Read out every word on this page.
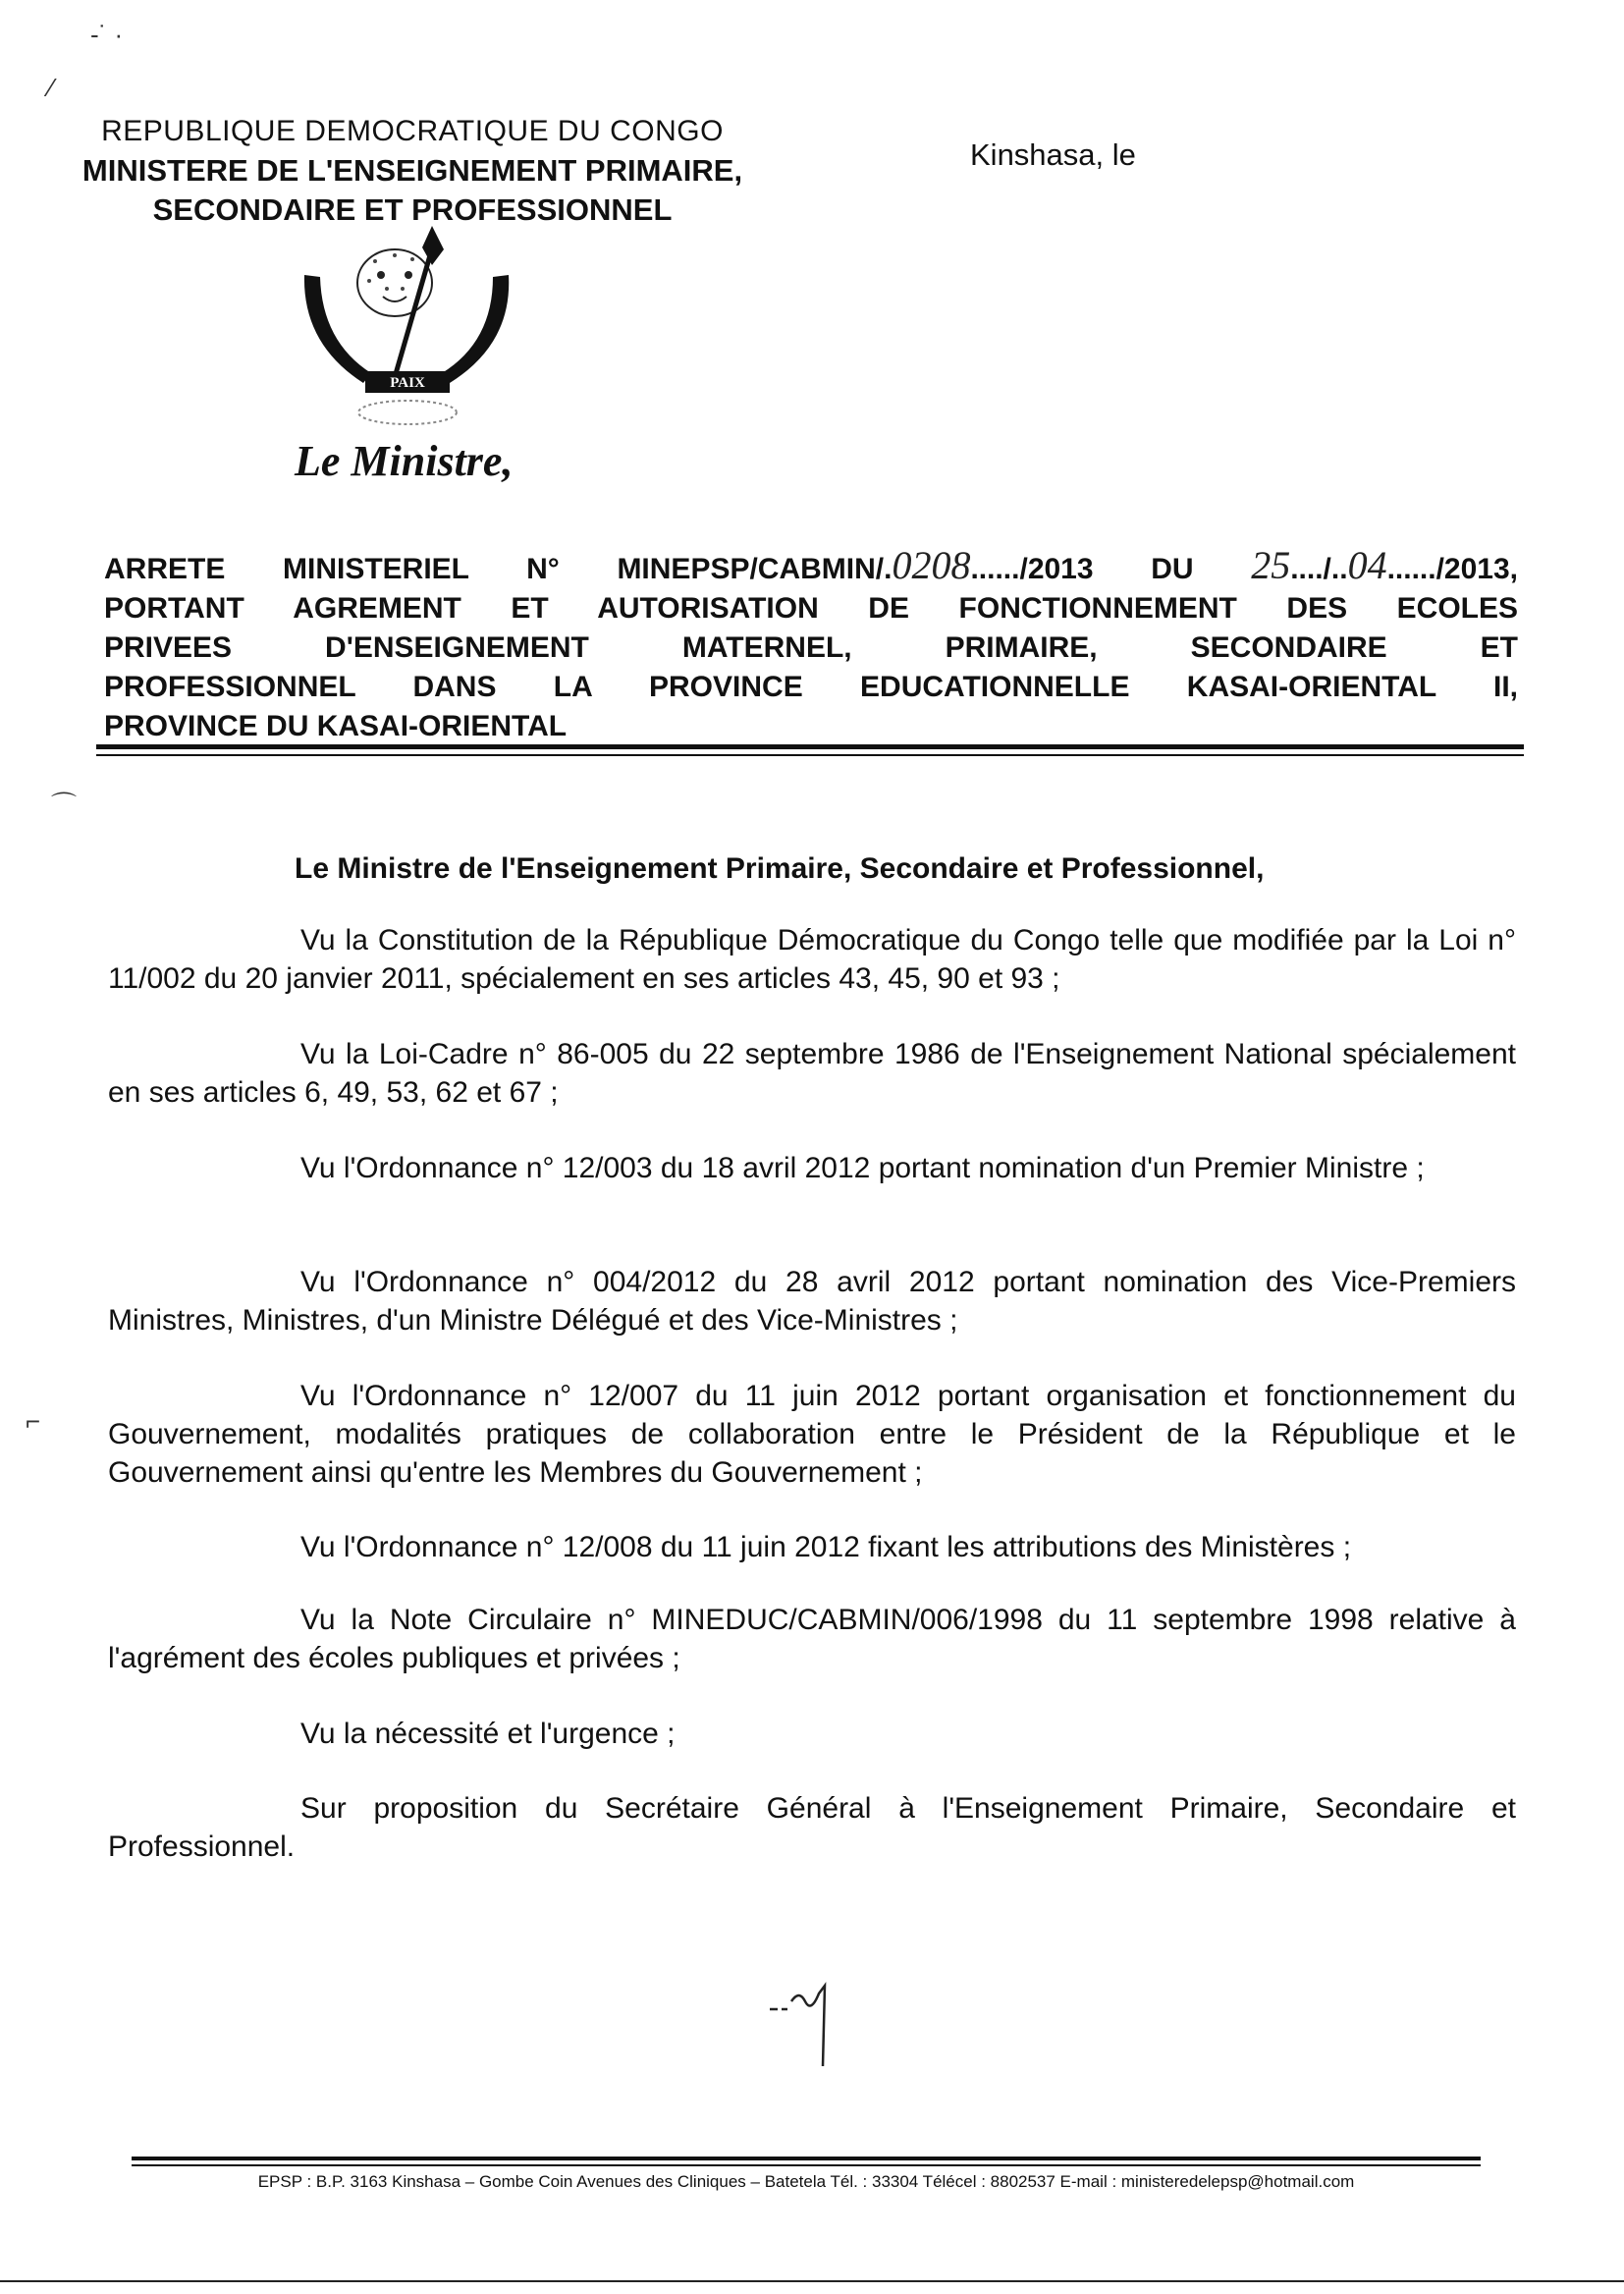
‐˙ ·
⁄
⌒
⌐
REPUBLIQUE DEMOCRATIQUE DU CONGO
MINISTERE DE L'ENSEIGNEMENT PRIMAIRE,
SECONDAIRE ET PROFESSIONNEL
Kinshasa, le
PAIX
Le Ministre,
ARRETE MINISTERIEL N° MINEPSP/CABMIN/.0208....../2013 DU 25..../..04....../2013,
PORTANT AGREMENT ET AUTORISATION DE FONCTIONNEMENT DES ECOLES
PRIVEES D'ENSEIGNEMENT MATERNEL, PRIMAIRE, SECONDAIRE ET
PROFESSIONNEL DANS LA PROVINCE EDUCATIONNELLE KASAI-ORIENTAL II,
PROVINCE DU KASAI-ORIENTAL
Le Ministre de l'Enseignement Primaire, Secondaire et Professionnel,
Vu la Constitution de la République Démocratique du Congo telle que modifiée par la Loi n° 11/002 du 20 janvier 2011, spécialement en ses articles 43, 45, 90 et 93 ;
Vu la Loi-Cadre n° 86-005 du 22 septembre 1986 de l'Enseignement National spécialement en ses articles 6, 49, 53, 62 et 67 ;
Vu l'Ordonnance n° 12/003 du 18 avril 2012 portant nomination d'un Premier Ministre ;
Vu l'Ordonnance n° 004/2012 du 28 avril 2012 portant nomination des Vice-Premiers Ministres, Ministres, d'un Ministre Délégué et des Vice-Ministres ;
Vu l'Ordonnance n° 12/007 du 11 juin 2012 portant organisation et fonctionnement du Gouvernement, modalités pratiques de collaboration entre le Président de la République et le Gouvernement ainsi qu'entre les Membres du Gouvernement ;
Vu l'Ordonnance n° 12/008 du 11 juin 2012 fixant les attributions des Ministères ;
Vu la Note Circulaire n° MINEDUC/CABMIN/006/1998 du 11 septembre 1998 relative à l'agrément des écoles publiques et privées ;
Vu la nécessité et l'urgence ;
Sur proposition du Secrétaire Général à l'Enseignement Primaire, Secondaire et Professionnel.
EPSP : B.P. 3163 Kinshasa – Gombe Coin Avenues des Cliniques – Batetela Tél. : 33304 Télécel : 8802537 E-mail : ministeredelepsp@hotmail.com
